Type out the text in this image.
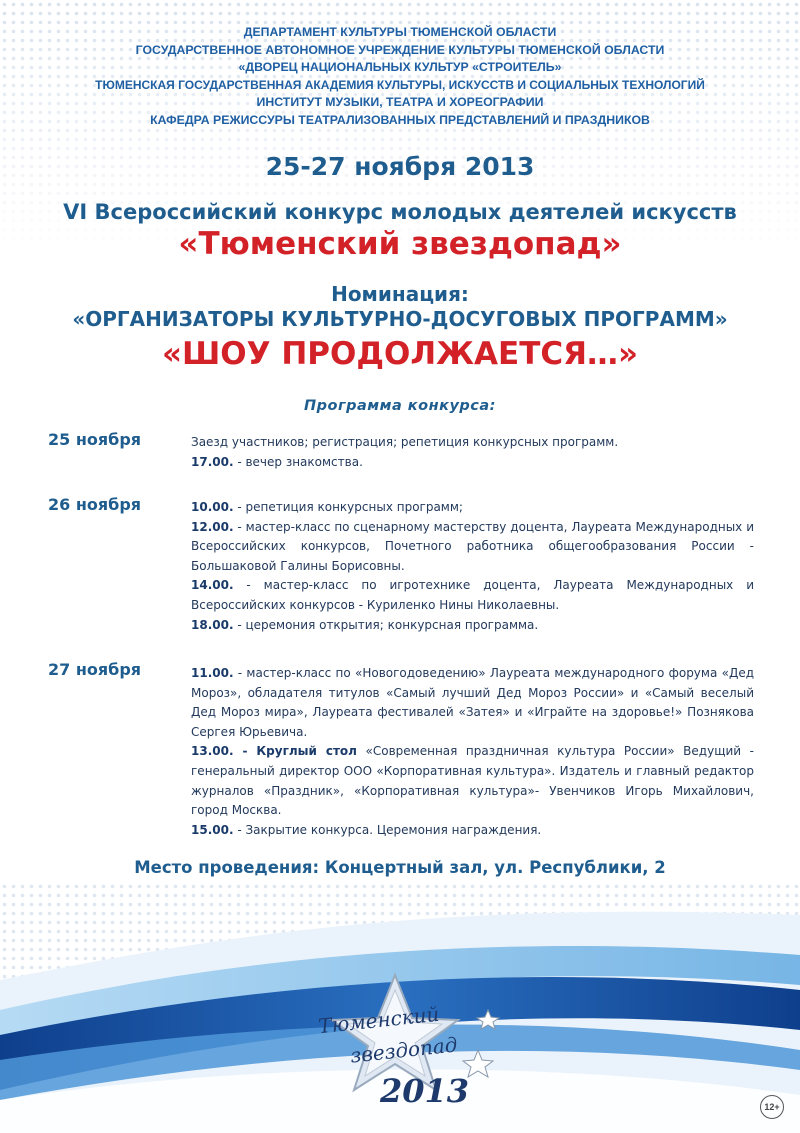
ДЕПАРТАМЕНТ КУЛЬТУРЫ ТЮМЕНСКОЙ ОБЛАСТИ
ГОСУДАРСТВЕННОЕ АВТОНОМНОЕ УЧРЕЖДЕНИЕ КУЛЬТУРЫ ТЮМЕНСКОЙ ОБЛАСТИ
«ДВОРЕЦ НАЦИОНАЛЬНЫХ КУЛЬТУР «СТРОИТЕЛЬ»
ТЮМЕНСКАЯ ГОСУДАРСТВЕННАЯ АКАДЕМИЯ КУЛЬТУРЫ, ИСКУССТВ И СОЦИАЛЬНЫХ ТЕХНОЛОГИЙ
ИНСТИТУТ МУЗЫКИ, ТЕАТРА И ХОРЕОГРАФИИ
КАФЕДРА РЕЖИССУРЫ ТЕАТРАЛИЗОВАННЫХ ПРЕДСТАВЛЕНИЙ И ПРАЗДНИКОВ
25-27 ноября 2013
VI Всероссийский конкурс молодых деятелей искусств
«Тюменский звездопад»
Номинация:
«ОРГАНИЗАТОРЫ КУЛЬТУРНО-ДОСУГОВЫХ ПРОГРАММ»
«ШОУ ПРОДОЛЖАЕТСЯ…»
Программа конкурса:
25 ноября	Заезд участников; регистрация; репетиция конкурсных программ.
17.00. - вечер знакомства.
26 ноября	10.00. - репетиция конкурсных программ;
12.00. - мастер-класс по сценарному мастерству доцента, Лауреата Международных и Всероссийских конкурсов, Почетного работника общегообразования России - Большаковой Галины Борисовны.
14.00. - мастер-класс по игротехнике доцента, Лауреата Международных и Всероссийских конкурсов - Куриленко Нины Николаевны.
18.00. - церемония открытия; конкурсная программа.
27 ноября	11.00. - мастер-класс по «Новогодоведению» Лауреата международного форума «Дед Мороз», обладателя титулов «Самый лучший Дед Мороз России» и «Самый веселый Дед Мороз мира», Лауреата фестивалей «Затея» и «Играйте на здоровье!» Познякова Сергея Юрьевича.
13.00. - Круглый стол «Современная праздничная культура России» Ведущий - генеральный директор ООО «Корпоративная культура». Издатель и главный редактор журналов «Праздник», «Корпоративная культура»- Увенчиков Игорь Михайлович, город Москва.
15.00. - Закрытие конкурса. Церемония награждения.
Место проведения: Концертный зал, ул. Республики, 2
Тюменский
звездопад
2013	12+
